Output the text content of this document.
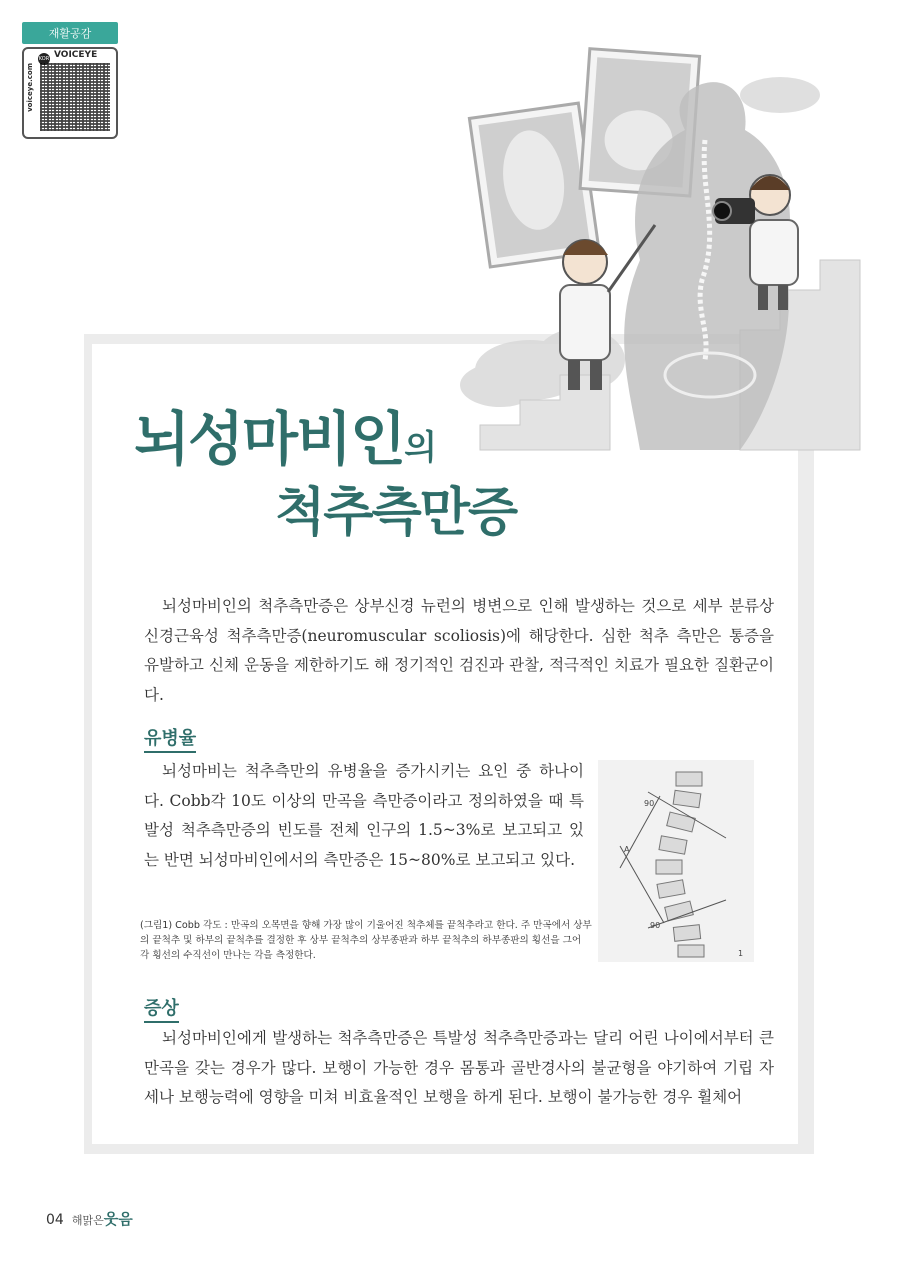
재활공감
KOR VOICEYE
voiceye.com
뇌성마비인의
척추측만증
뇌성마비인의 척추측만증은 상부신경 뉴런의 병변으로 인해 발생하는 것으로 세부 분류상 신경근육성 척추측만증(neuromuscular scoliosis)에 해당한다. 심한 척추 측만은 통증을 유발하고 신체 운동을 제한하기도 해 정기적인 검진과 관찰, 적극적인 치료가 필요한 질환군이다.
유병율
뇌성마비는 척추측만의 유병율을 증가시키는 요인 중 하나이다. Cobb각 10도 이상의 만곡을 측만증이라고 정의하였을 때 특발성 척추측만증의 빈도를 전체 인구의 1.5~3%로 보고되고 있는 반면 뇌성마비인에서의 측만증은 15~80%로 보고되고 있다.
90
A
90
1
(그림1) Cobb 각도 : 만곡의 오목면을 향해 가장 많이 기울어진 척추체를 끝척추라고 한다. 주 만곡에서 상부의 끝척추 및 하부의 끝척추를 결정한 후 상부 끝척추의 상부종판과 하부 끝척추의 하부종판의 횡선을 그어 각 횡선의 수직선이 만나는 각을 측정한다.
증상
뇌성마비인에게 발생하는 척추측만증은 특발성 척추측만증과는 달리 어린 나이에서부터 큰 만곡을 갖는 경우가 많다. 보행이 가능한 경우 몸통과 골반경사의 불균형을 야기하여 기립 자세나 보행능력에 영향을 미쳐 비효율적인 보행을 하게 된다. 보행이 불가능한 경우 휠체어
04 해맑은웃음
